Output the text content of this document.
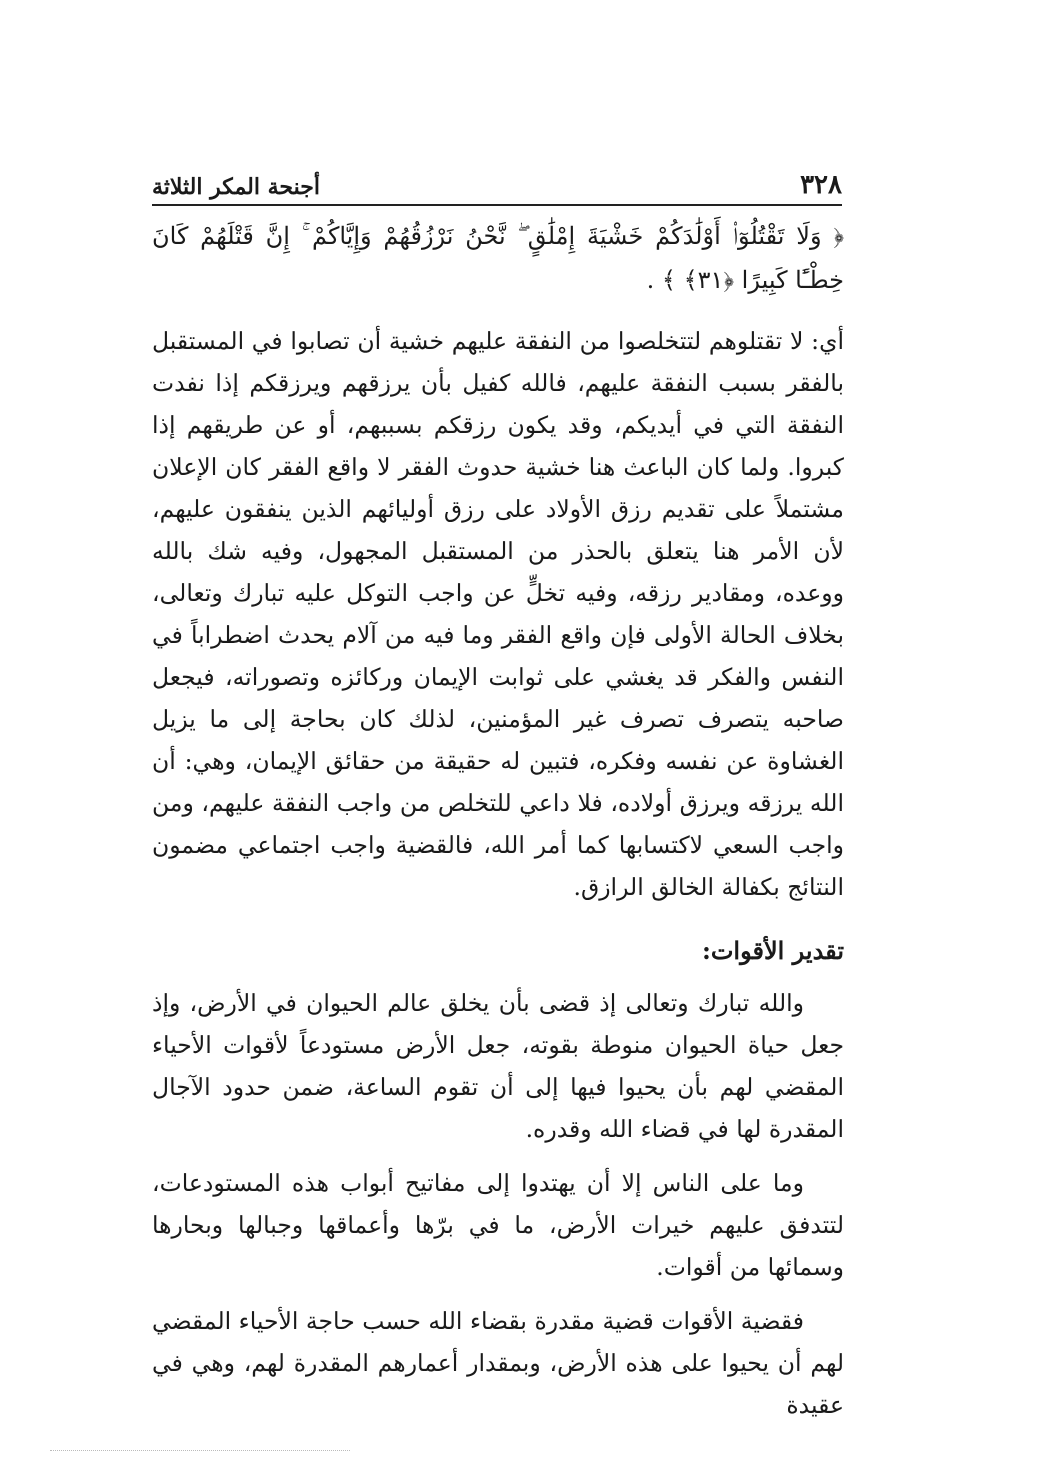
٣٢٨
أجنحة المكر الثلاثة

﴿ وَلَا تَقْتُلُوٓا۟ أَوْلَٰدَكُمْ خَشْيَةَ إِمْلَٰقٍ ۖ نَّحْنُ نَرْزُقُهُمْ وَإِيَّاكُمْ ۚ إِنَّ قَتْلَهُمْ كَانَ خِطْـًٔا كَبِيرًا ﴿٣١﴾ ﴾ .

أي: لا تقتلوهم لتتخلصوا من النفقة عليهم خشية أن تصابوا في المستقبل بالفقر بسبب النفقة عليهم، فالله كفيل بأن يرزقهم ويرزقكم إذا نفدت النفقة التي في أيديكم، وقد يكون رزقكم بسببهم، أو عن طريقهم إذا كبروا. ولما كان الباعث هنا خشية حدوث الفقر لا واقع الفقر كان الإعلان مشتملاً على تقديم رزق الأولاد على رزق أوليائهم الذين ينفقون عليهم، لأن الأمر هنا يتعلق بالحذر من المستقبل المجهول، وفيه شك بالله ووعده، ومقادير رزقه، وفيه تخلٍّ عن واجب التوكل عليه تبارك وتعالى، بخلاف الحالة الأولى فإن واقع الفقر وما فيه من آلام يحدث اضطراباً في النفس والفكر قد يغشي على ثوابت الإيمان وركائزه وتصوراته، فيجعل صاحبه يتصرف تصرف غير المؤمنين، لذلك كان بحاجة إلى ما يزيل الغشاوة عن نفسه وفكره، فتبين له حقيقة من حقائق الإيمان، وهي: أن الله يرزقه ويرزق أولاده، فلا داعي للتخلص من واجب النفقة عليهم، ومن واجب السعي لاكتسابها كما أمر الله، فالقضية واجب اجتماعي مضمون النتائج بكفالة الخالق الرازق.

تقدير الأقوات:

والله تبارك وتعالى إذ قضى بأن يخلق عالم الحيوان في الأرض، وإذ جعل حياة الحيوان منوطة بقوته، جعل الأرض مستودعاً لأقوات الأحياء المقضي لهم بأن يحيوا فيها إلى أن تقوم الساعة، ضمن حدود الآجال المقدرة لها في قضاء الله وقدره.

وما على الناس إلا أن يهتدوا إلى مفاتيح أبواب هذه المستودعات، لتتدفق عليهم خيرات الأرض، ما في برّها وأعماقها وجبالها وبحارها وسمائها من أقوات.

فقضية الأقوات قضية مقدرة بقضاء الله حسب حاجة الأحياء المقضي لهم أن يحيوا على هذه الأرض، وبمقدار أعمارهم المقدرة لهم، وهي في عقيدة
